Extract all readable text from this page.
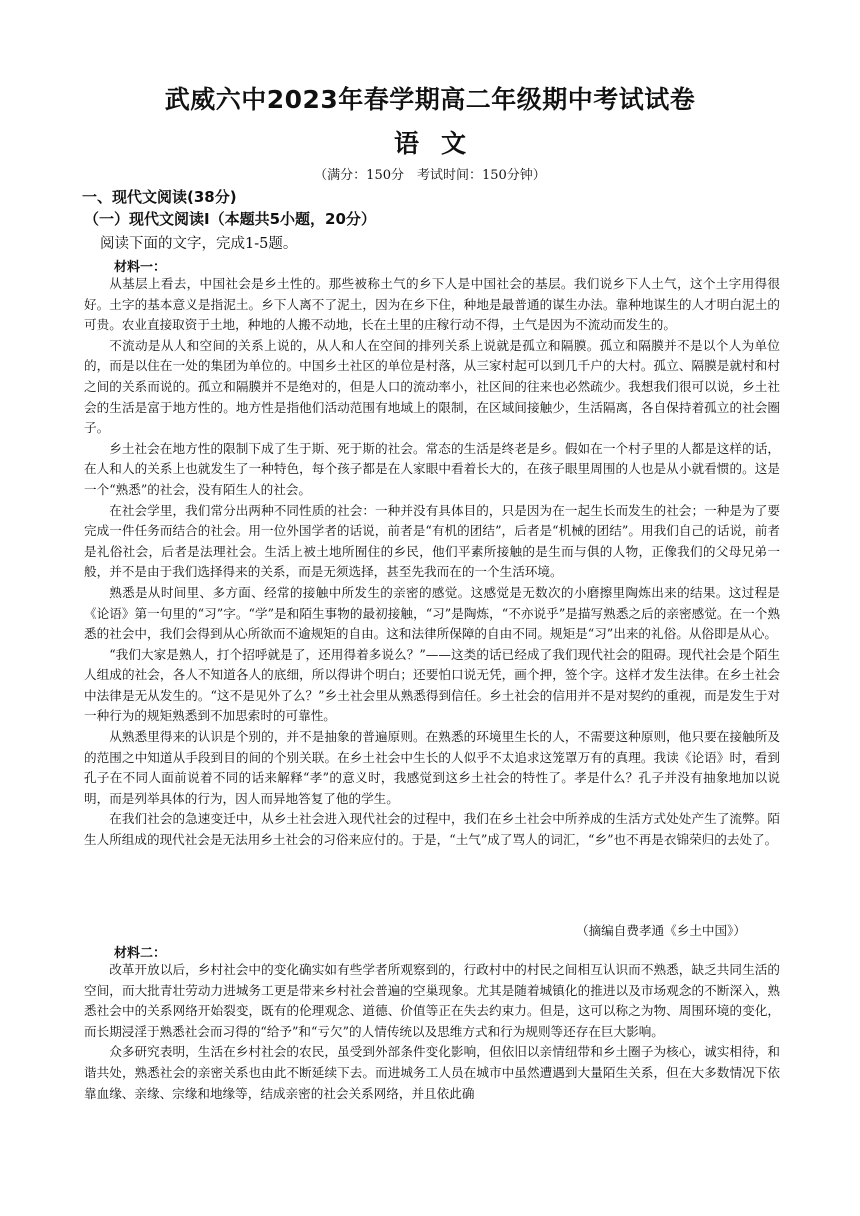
武威六中2023年春学期高二年级期中考试试卷
语文
（满分：150分　考试时间：150分钟）
一、现代文阅读(38分)
（一）现代文阅读Ⅰ（本题共5小题，20分）
阅读下面的文字，完成1-5题。
材料一：

从基层上看去，中国社会是乡土性的。那些被称土气的乡下人是中国社会的基层。我们说乡下人土气，这个土字用得很好。土字的基本意义是指泥土。乡下人离不了泥土，因为在乡下住，种地是最普通的谋生办法。靠种地谋生的人才明白泥土的可贵。农业直接取资于土地，种地的人搬不动地，长在土里的庄稼行动不得，土气是因为不流动而发生的。

不流动是从人和空间的关系上说的，从人和人在空间的排列关系上说就是孤立和隔膜。孤立和隔膜并不是以个人为单位的，而是以住在一处的集团为单位的。中国乡土社区的单位是村落，从三家村起可以到几千户的大村。孤立、隔膜是就村和村之间的关系而说的。孤立和隔膜并不是绝对的，但是人口的流动率小，社区间的往来也必然疏少。我想我们很可以说，乡土社会的生活是富于地方性的。地方性是指他们活动范围有地域上的限制，在区域间接触少，生活隔离，各自保持着孤立的社会圈子。

乡土社会在地方性的限制下成了生于斯、死于斯的社会。常态的生活是终老是乡。假如在一个村子里的人都是这样的话，在人和人的关系上也就发生了一种特色，每个孩子都是在人家眼中看着长大的，在孩子眼里周围的人也是从小就看惯的。这是一个“熟悉”的社会，没有陌生人的社会。

在社会学里，我们常分出两种不同性质的社会：一种并没有具体目的，只是因为在一起生长而发生的社会；一种是为了要完成一件任务而结合的社会。用一位外国学者的话说，前者是“有机的团结”，后者是“机械的团结”。用我们自己的话说，前者是礼俗社会，后者是法理社会。生活上被土地所囿住的乡民，他们平素所接触的是生而与俱的人物，正像我们的父母兄弟一般，并不是由于我们选择得来的关系，而是无须选择，甚至先我而在的一个生活环境。

熟悉是从时间里、多方面、经常的接触中所发生的亲密的感觉。这感觉是无数次的小磨擦里陶炼出来的结果。这过程是《论语》第一句里的“习”字。“学”是和陌生事物的最初接触，“习”是陶炼，“不亦说乎”是描写熟悉之后的亲密感觉。在一个熟悉的社会中，我们会得到从心所欲而不逾规矩的自由。这和法律所保障的自由不同。规矩是“习”出来的礼俗。从俗即是从心。

“我们大家是熟人，打个招呼就是了，还用得着多说么？”——这类的话已经成了我们现代社会的阻碍。现代社会是个陌生人组成的社会，各人不知道各人的底细，所以得讲个明白；还要怕口说无凭，画个押，签个字。这样才发生法律。在乡土社会中法律是无从发生的。“这不是见外了么？”乡土社会里从熟悉得到信任。乡土社会的信用并不是对契约的重视，而是发生于对一种行为的规矩熟悉到不加思索时的可靠性。

从熟悉里得来的认识是个别的，并不是抽象的普遍原则。在熟悉的环境里生长的人，不需要这种原则，他只要在接触所及的范围之中知道从手段到目的间的个别关联。在乡土社会中生长的人似乎不太追求这笼罩万有的真理。我读《论语》时，看到孔子在不同人面前说着不同的话来解释“孝”的意义时，我感觉到这乡土社会的特性了。孝是什么？孔子并没有抽象地加以说明，而是列举具体的行为，因人而异地答复了他的学生。

在我们社会的急速变迁中，从乡土社会进入现代社会的过程中，我们在乡土社会中所养成的生活方式处处产生了流弊。陌生人所组成的现代社会是无法用乡土社会的习俗来应付的。于是，“土气”成了骂人的词汇，“乡”也不再是衣锦荣归的去处了。

（摘编自费孝通《乡土中国》）
材料二：

改革开放以后，乡村社会中的变化确实如有些学者所观察到的，行政村中的村民之间相互认识而不熟悉，缺乏共同生活的空间，而大批青壮劳动力进城务工更是带来乡村社会普遍的空巢现象。尤其是随着城镇化的推进以及市场观念的不断深入，熟悉社会中的关系网络开始裂变，既有的伦理观念、道德、价值等正在失去约束力。但是，这可以称之为物、周围环境的变化，而长期浸淫于熟悉社会而习得的“给予”和“亏欠”的人情传统以及思维方式和行为规则等还存在巨大影响。

众多研究表明，生活在乡村社会的农民，虽受到外部条件变化影响，但依旧以亲情纽带和乡土圈子为核心，诚实相待，和谐共处，熟悉社会的亲密关系也由此不断延续下去。而进城务工人员在城市中虽然遭遇到大量陌生关系，但在大多数情况下依靠血缘、亲缘、宗缘和地缘等，结成亲密的社会关系网络，并且依此确
